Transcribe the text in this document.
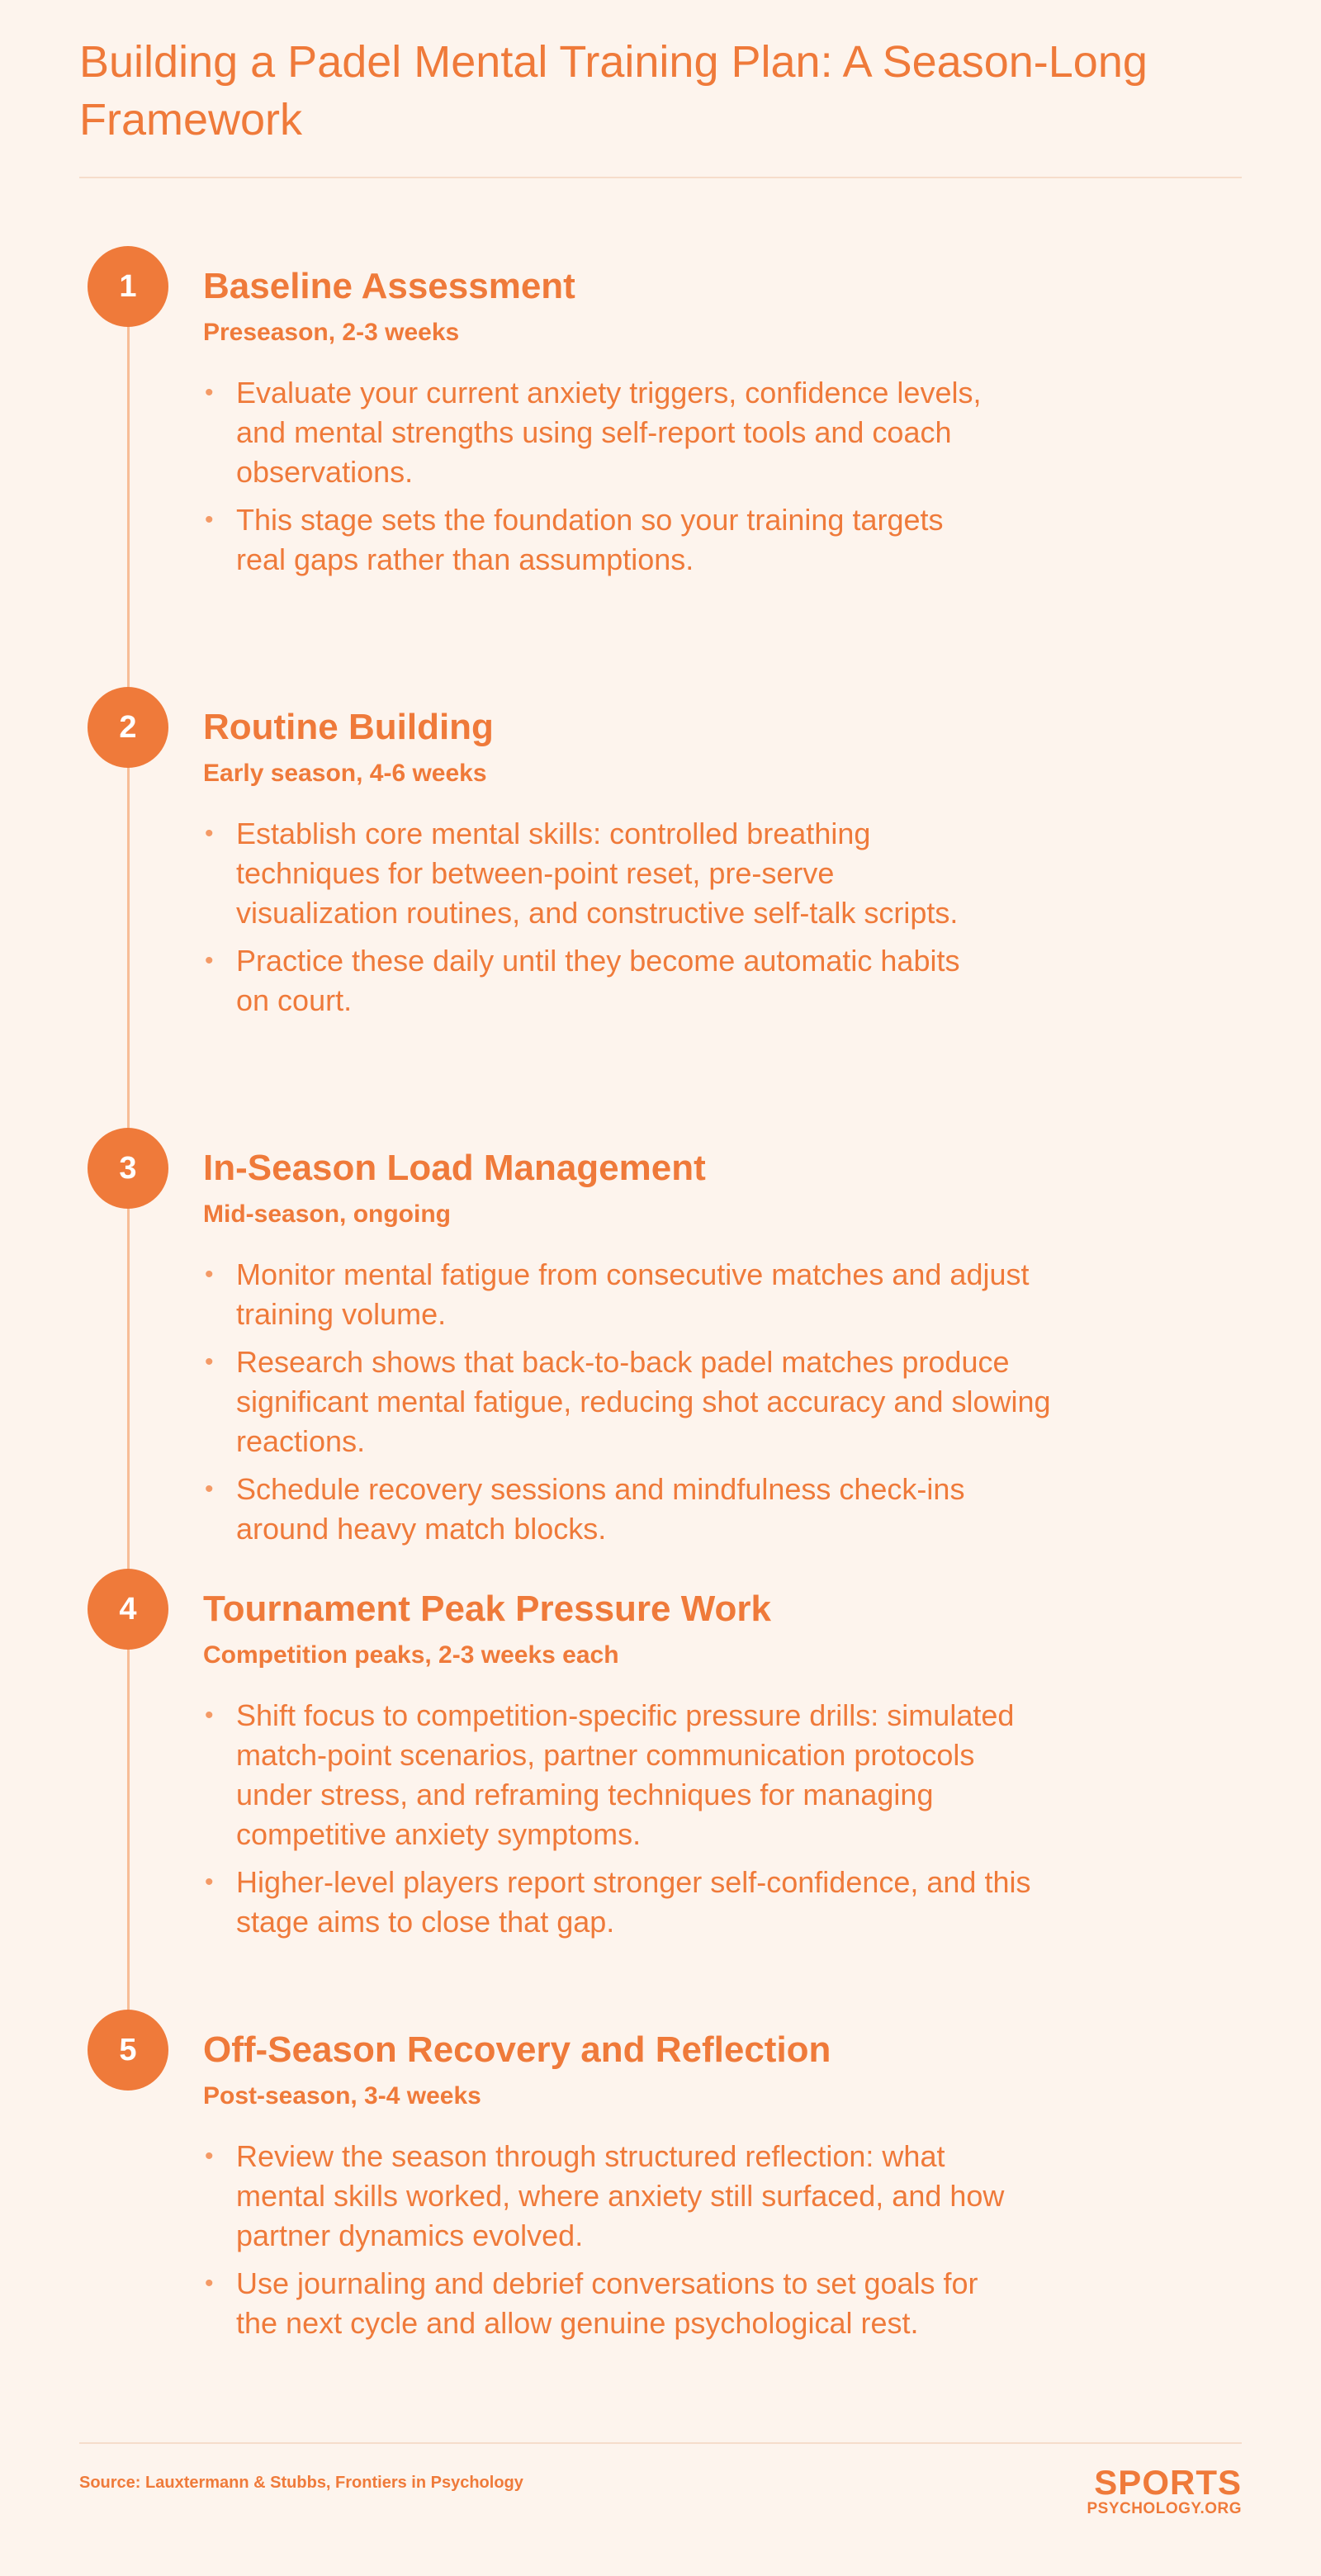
Building a Padel Mental Training Plan: A Season-Long Framework
1	Baseline Assessment

Preseason, 2-3 weeks

• Evaluate your current anxiety triggers, confidence levels, and mental strengths using self-report tools and coach observations.
• This stage sets the foundation so your training targets real gaps rather than assumptions.
2	Routine Building

Early season, 4-6 weeks

• Establish core mental skills: controlled breathing techniques for between-point reset, pre-serve visualization routines, and constructive self-talk scripts.
• Practice these daily until they become automatic habits on court.
3	In-Season Load Management

Mid-season, ongoing

• Monitor mental fatigue from consecutive matches and adjust training volume.
• Research shows that back-to-back padel matches produce significant mental fatigue, reducing shot accuracy and slowing reactions.
• Schedule recovery sessions and mindfulness check-ins around heavy match blocks.
4	Tournament Peak Pressure Work

Competition peaks, 2-3 weeks each

• Shift focus to competition-specific pressure drills: simulated match-point scenarios, partner communication protocols under stress, and reframing techniques for managing competitive anxiety symptoms.
• Higher-level players report stronger self-confidence, and this stage aims to close that gap.
5	Off-Season Recovery and Reflection

Post-season, 3-4 weeks

• Review the season through structured reflection: what mental skills worked, where anxiety still surfaced, and how partner dynamics evolved.
• Use journaling and debrief conversations to set goals for the next cycle and allow genuine psychological rest.
Source: Lauxtermann & Stubbs, Frontiers in Psychology	SPORTS
PSYCHOLOGY.ORG
